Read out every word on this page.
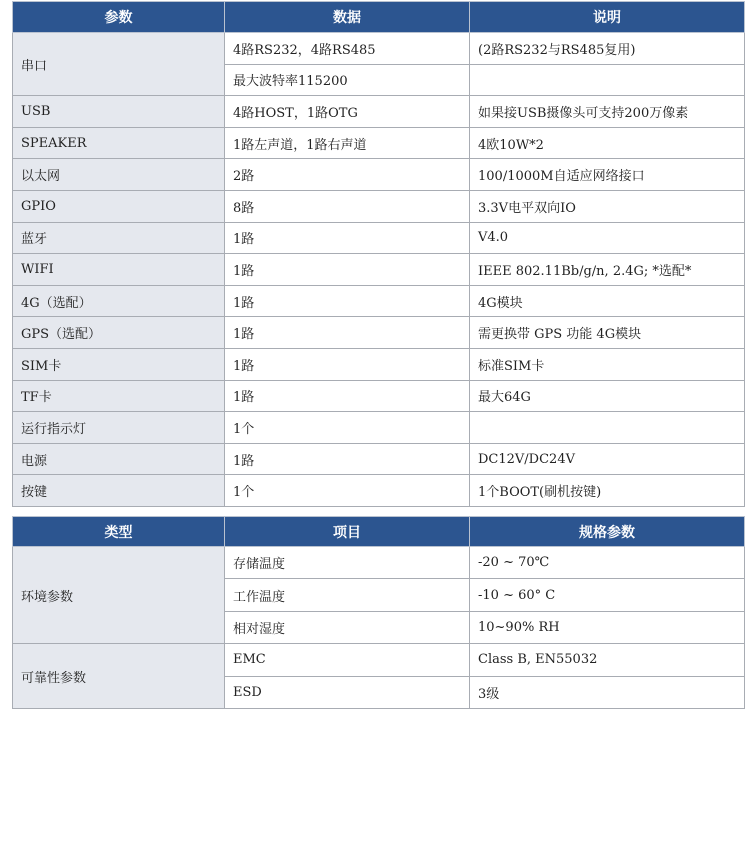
参数	数据	说明
串口	4路RS232，4路RS485	(2路RS232与RS485复用)
	最大波特率115200	
USB	4路HOST，1路OTG	如果接USB摄像头可支持200万像素
SPEAKER	1路左声道，1路右声道	4欧10W*2
以太网	2路	100/1000M自适应网络接口
GPIO	8路	3.3V电平双向IO
蓝牙	1路	V4.0
WIFI	1路	IEEE 802.11Bb/g/n, 2.4G; *选配*
4G（选配）	1路	4G模块
GPS（选配）	1路	需更换带 GPS 功能 4G模块
SIM卡	1路	标准SIM卡
TF卡	1路	最大64G
运行指示灯	1个	
电源	1路	DC12V/DC24V
按键	1个	1个BOOT(刷机按键)
类型	项目	规格参数
环境参数	存储温度	-20 ~ 70℃
	工作温度	-10 ~ 60° C
	相对湿度	10~90% RH
可靠性参数	EMC	Class B, EN55032
	ESD	3级
